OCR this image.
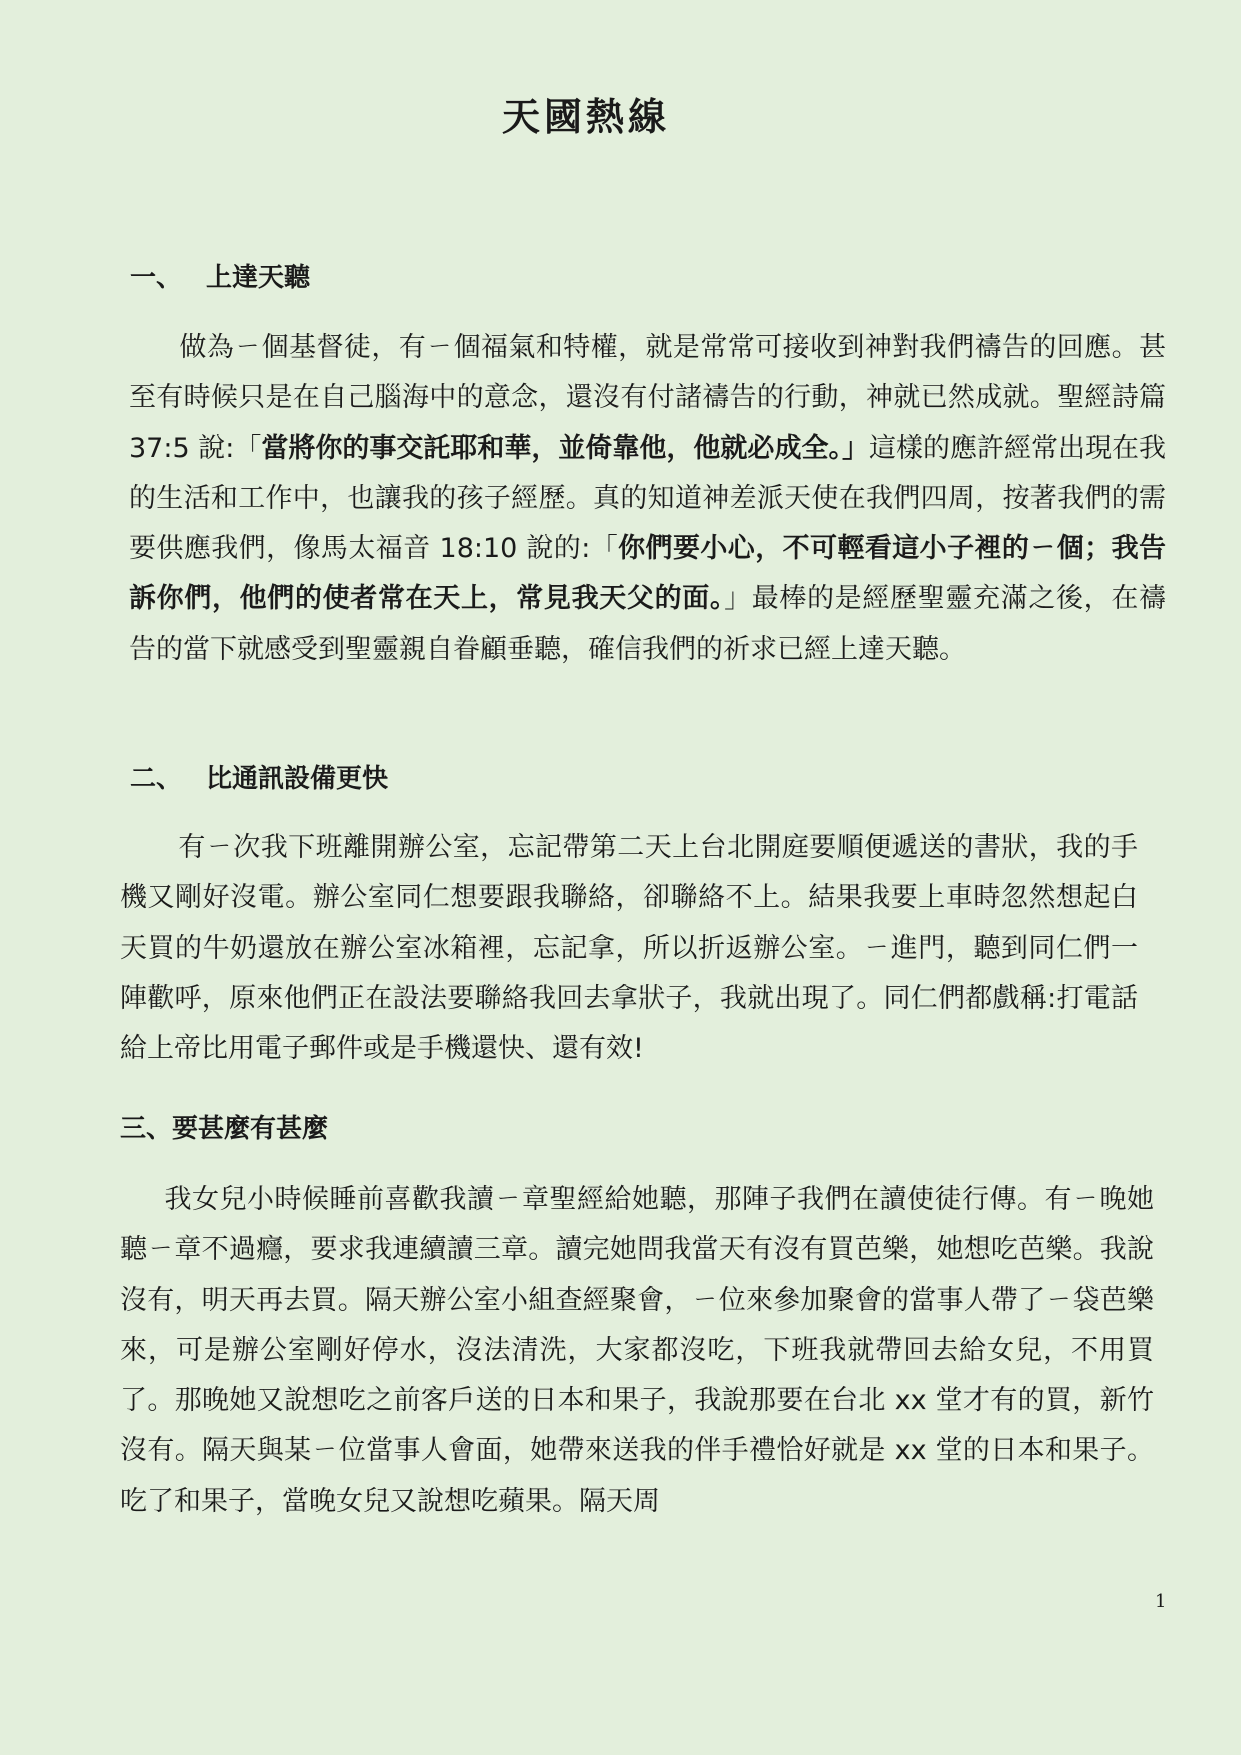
天國熱線
一、 上達天聽

做為ㄧ個基督徒，有ㄧ個福氣和特權，就是常常可接收到神對我們禱告的回應。甚至有時候只是在自己腦海中的意念，還沒有付諸禱告的行動，神就已然成就。聖經詩篇 37:5 說:「當將你的事交託耶和華，並倚靠他，他就必成全。」這樣的應許經常出現在我的生活和工作中，也讓我的孩子經歷。真的知道神差派天使在我們四周，按著我們的需要供應我們，像馬太福音 18:10 說的:「你們要小心，不可輕看這小子裡的ㄧ個；我告訴你們，他們的使者常在天上，常見我天父的面。」最棒的是經歷聖靈充滿之後，在禱告的當下就感受到聖靈親自眷顧垂聽，確信我們的祈求已經上達天聽。

二、 比通訊設備更快

有ㄧ次我下班離開辦公室，忘記帶第二天上台北開庭要順便遞送的書狀，我的手機又剛好沒電。辦公室同仁想要跟我聯絡，卻聯絡不上。結果我要上車時忽然想起白天買的牛奶還放在辦公室冰箱裡，忘記拿，所以折返辦公室。ㄧ進門，聽到同仁們一陣歡呼，原來他們正在設法要聯絡我回去拿狀子，我就出現了。同仁們都戲稱:打電話給上帝比用電子郵件或是手機還快、還有效!

三、要甚麼有甚麼

我女兒小時候睡前喜歡我讀ㄧ章聖經給她聽，那陣子我們在讀使徒行傳。有ㄧ晚她聽ㄧ章不過癮，要求我連續讀三章。讀完她問我當天有沒有買芭樂，她想吃芭樂。我說沒有，明天再去買。隔天辦公室小組查經聚會，ㄧ位來參加聚會的當事人帶了ㄧ袋芭樂來，可是辦公室剛好停水，沒法清洗，大家都沒吃，下班我就帶回去給女兒，不用買了。那晚她又說想吃之前客戶送的日本和果子，我說那要在台北 xx 堂才有的買，新竹沒有。隔天與某ㄧ位當事人會面，她帶來送我的伴手禮恰好就是 xx 堂的日本和果子。吃了和果子，當晚女兒又說想吃蘋果。隔天周

1
